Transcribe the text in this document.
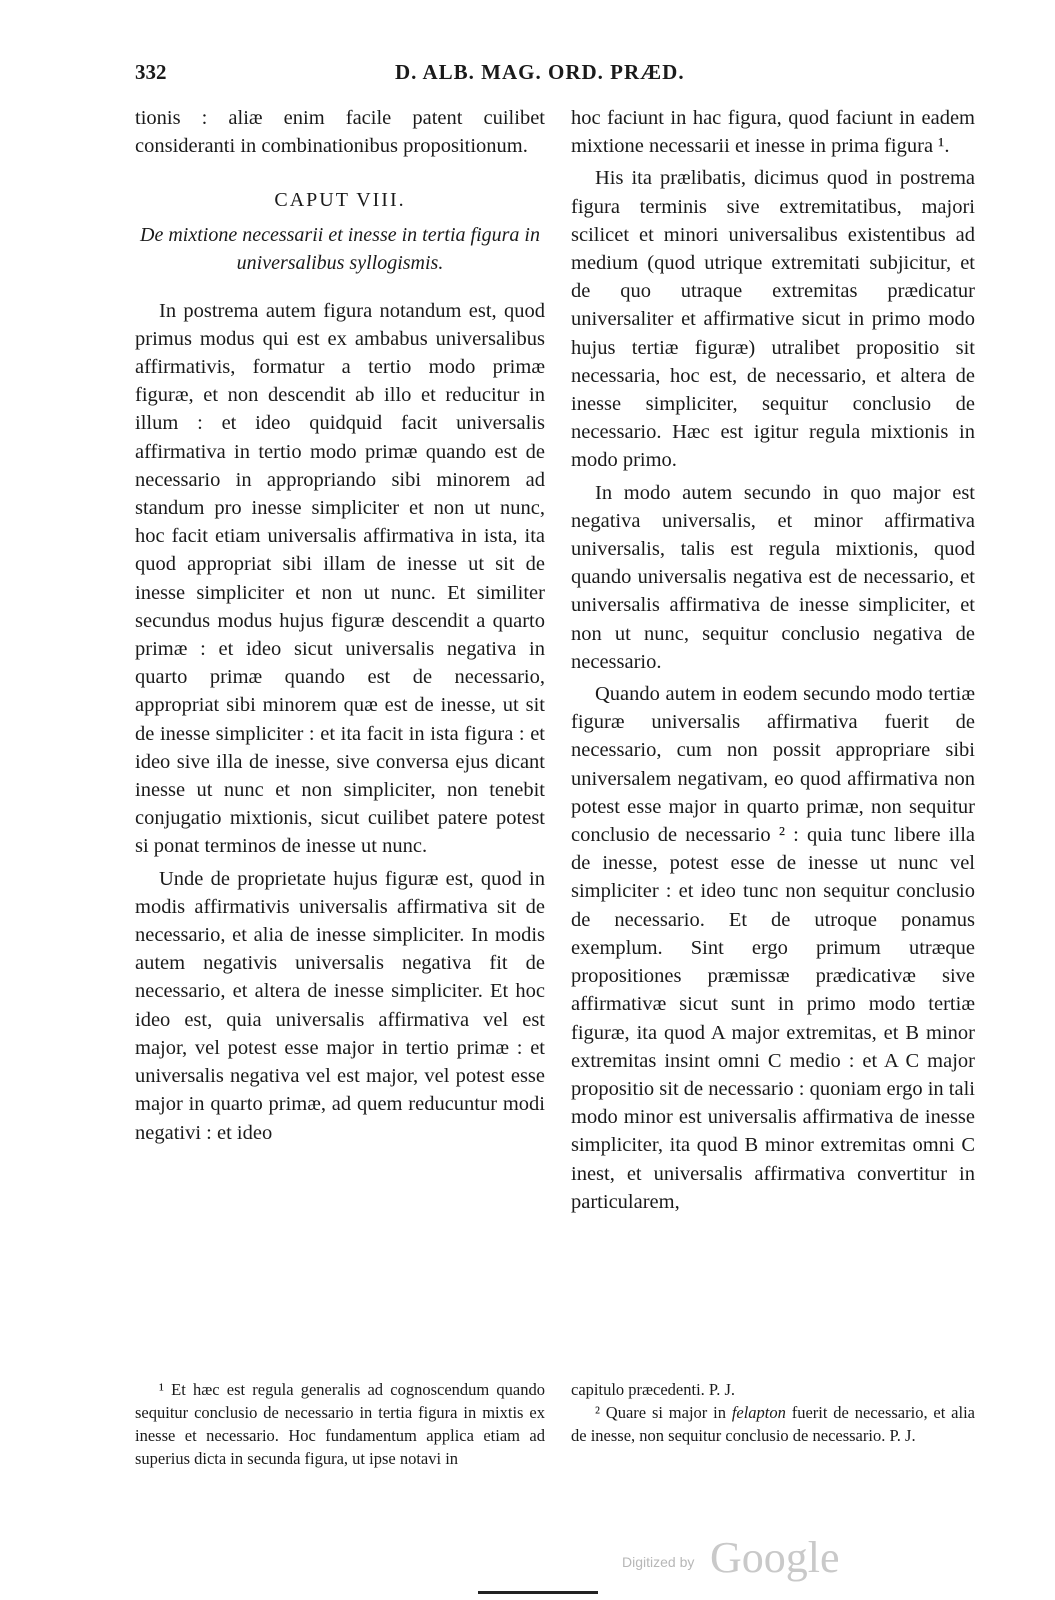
332	D. ALB. MAG. ORD. PRÆD.

tionis : aliæ enim facile patent cuilibet consideranti in combinationibus propositionum.

CAPUT VIII.

De mixtione necessarii et inesse in tertia figura in universalibus syllogismis.

In postrema autem figura notandum est, quod primus modus qui est ex ambabus universalibus affirmativis, formatur a tertio modo primæ figuræ, et non descendit ab illo et reducitur in illum : et ideo quidquid facit universalis affirmativa in tertio modo primæ quando est de necessario in appropriando sibi minorem ad standum pro inesse simpliciter et non ut nunc, hoc facit etiam universalis affirmativa in ista, ita quod appropriat sibi illam de inesse ut sit de inesse simpliciter et non ut nunc. Et similiter secundus modus hujus figuræ descendit a quarto primæ : et ideo sicut universalis negativa in quarto primæ quando est de necessario, appropriat sibi minorem quæ est de inesse, ut sit de inesse simpliciter : et ita facit in ista figura : et ideo sive illa de inesse, sive conversa ejus dicant inesse ut nunc et non simpliciter, non tenebit conjugatio mixtionis, sicut cuilibet patere potest si ponat terminos de inesse ut nunc.

Unde de proprietate hujus figuræ est, quod in modis affirmativis universalis affirmativa sit de necessario, et alia de inesse simpliciter. In modis autem negativis universalis negativa fit de necessario, et altera de inesse simpliciter. Et hoc ideo est, quia universalis affirmativa vel est major, vel potest esse major in tertio primæ : et universalis negativa vel est major, vel potest esse major in quarto primæ, ad quem reducuntur modi negativi : et ideo

hoc faciunt in hac figura, quod faciunt in eadem mixtione necessarii et inesse in prima figura ¹.

His ita prælibatis, dicimus quod in postrema figura terminis sive extremitatibus, majori scilicet et minori universalibus existentibus ad medium (quod utrique extremitati subjicitur, et de quo utraque extremitas prædicatur universaliter et affirmative sicut in primo modo hujus tertiæ figuræ) utralibet propositio sit necessaria, hoc est, de necessario, et altera de inesse simpliciter, sequitur conclusio de necessario. Hæc est igitur regula mixtionis in modo primo.

In modo autem secundo in quo major est negativa universalis, et minor affirmativa universalis, talis est regula mixtionis, quod quando universalis negativa est de necessario, et universalis affirmativa de inesse simpliciter, et non ut nunc, sequitur conclusio negativa de necessario.

Quando autem in eodem secundo modo tertiæ figuræ universalis affirmativa fuerit de necessario, cum non possit appropriare sibi universalem negativam, eo quod affirmativa non potest esse major in quarto primæ, non sequitur conclusio de necessario ² : quia tunc libere illa de inesse, potest esse de inesse ut nunc vel simpliciter : et ideo tunc non sequitur conclusio de necessario. Et de utroque ponamus exemplum. Sint ergo primum utræque propositiones præmissæ prædicativæ sive affirmativæ sicut sunt in primo modo tertiæ figuræ, ita quod A major extremitas, et B minor extremitas insint omni C medio : et A C major propositio sit de necessario : quoniam ergo in tali modo minor est universalis affirmativa de inesse simpliciter, ita quod B minor extremitas omni C inest, et universalis affirmativa convertitur in particularem,

¹ Et hæc est regula generalis ad cognoscendum quando sequitur conclusio de necessario in tertia figura in mixtis ex inesse et necessario. Hoc fundamentum applica etiam ad superius dicta in secunda figura, ut ipse notavi in

capitulo præcedenti. P. J.

² Quare si major in felapton fuerit de necessario, et alia de inesse, non sequitur conclusio de necessario. P. J.

Digitized by Google
